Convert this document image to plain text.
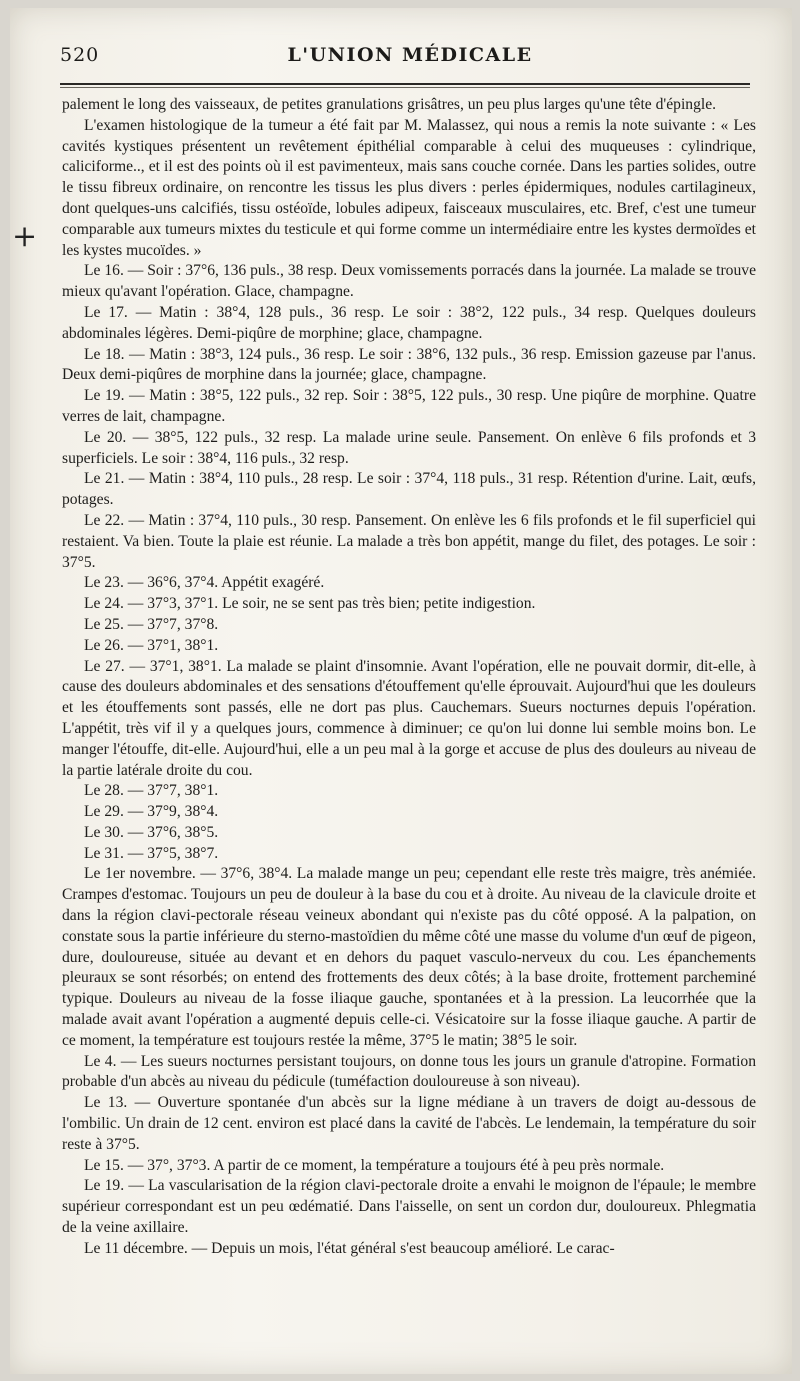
520	L'UNION MÉDICALE
+

palement le long des vaisseaux, de petites granulations grisâtres, un peu plus larges qu'une tête d'épingle.

L'examen histologique de la tumeur a été fait par M. Malassez, qui nous a remis la note suivante : « Les cavités kystiques présentent un revêtement épithélial comparable à celui des muqueuses : cylindrique, caliciforme.., et il est des points où il est pavimenteux, mais sans couche cornée. Dans les parties solides, outre le tissu fibreux ordinaire, on rencontre les tissus les plus divers : perles épidermiques, nodules cartilagineux, dont quelques-uns calcifiés, tissu ostéoïde, lobules adipeux, faisceaux musculaires, etc. Bref, c'est une tumeur comparable aux tumeurs mixtes du testicule et qui forme comme un intermédiaire entre les kystes dermoïdes et les kystes mucoïdes. »

Le 16. — Soir : 37°6, 136 puls., 38 resp. Deux vomissements porracés dans la journée. La malade se trouve mieux qu'avant l'opération. Glace, champagne.

Le 17. — Matin : 38°4, 128 puls., 36 resp. Le soir : 38°2, 122 puls., 34 resp. Quelques douleurs abdominales légères. Demi-piqûre de morphine; glace, champagne.

Le 18. — Matin : 38°3, 124 puls., 36 resp. Le soir : 38°6, 132 puls., 36 resp. Emission gazeuse par l'anus. Deux demi-piqûres de morphine dans la journée; glace, champagne.

Le 19. — Matin : 38°5, 122 puls., 32 rep. Soir : 38°5, 122 puls., 30 resp. Une piqûre de morphine. Quatre verres de lait, champagne.

Le 20. — 38°5, 122 puls., 32 resp. La malade urine seule. Pansement. On enlève 6 fils profonds et 3 superficiels. Le soir : 38°4, 116 puls., 32 resp.

Le 21. — Matin : 38°4, 110 puls., 28 resp. Le soir : 37°4, 118 puls., 31 resp. Rétention d'urine. Lait, œufs, potages.

Le 22. — Matin : 37°4, 110 puls., 30 resp. Pansement. On enlève les 6 fils profonds et le fil superficiel qui restaient. Va bien. Toute la plaie est réunie. La malade a très bon appétit, mange du filet, des potages. Le soir : 37°5.

Le 23. — 36°6, 37°4. Appétit exagéré.

Le 24. — 37°3, 37°1. Le soir, ne se sent pas très bien; petite indigestion.

Le 25. — 37°7, 37°8.

Le 26. — 37°1, 38°1.

Le 27. — 37°1, 38°1. La malade se plaint d'insomnie. Avant l'opération, elle ne pouvait dormir, dit-elle, à cause des douleurs abdominales et des sensations d'étouffement qu'elle éprouvait. Aujourd'hui que les douleurs et les étouffements sont passés, elle ne dort pas plus. Cauchemars. Sueurs nocturnes depuis l'opération. L'appétit, très vif il y a quelques jours, commence à diminuer; ce qu'on lui donne lui semble moins bon. Le manger l'étouffe, dit-elle. Aujourd'hui, elle a un peu mal à la gorge et accuse de plus des douleurs au niveau de la partie latérale droite du cou.

Le 28. — 37°7, 38°1.

Le 29. — 37°9, 38°4.

Le 30. — 37°6, 38°5.

Le 31. — 37°5, 38°7.

Le 1er novembre. — 37°6, 38°4. La malade mange un peu; cependant elle reste très maigre, très anémiée. Crampes d'estomac. Toujours un peu de douleur à la base du cou et à droite. Au niveau de la clavicule droite et dans la région clavi-pectorale réseau veineux abondant qui n'existe pas du côté opposé. A la palpation, on constate sous la partie inférieure du sterno-mastoïdien du même côté une masse du volume d'un œuf de pigeon, dure, douloureuse, située au devant et en dehors du paquet vasculo-nerveux du cou. Les épanchements pleuraux se sont résorbés; on entend des frottements des deux côtés; à la base droite, frottement parcheminé typique. Douleurs au niveau de la fosse iliaque gauche, spontanées et à la pression. La leucorrhée que la malade avait avant l'opération a augmenté depuis celle-ci. Vésicatoire sur la fosse iliaque gauche. A partir de ce moment, la température est toujours restée la même, 37°5 le matin; 38°5 le soir.

Le 4. — Les sueurs nocturnes persistant toujours, on donne tous les jours un granule d'atropine. Formation probable d'un abcès au niveau du pédicule (tuméfaction douloureuse à son niveau).

Le 13. — Ouverture spontanée d'un abcès sur la ligne médiane à un travers de doigt au-dessous de l'ombilic. Un drain de 12 cent. environ est placé dans la cavité de l'abcès. Le lendemain, la température du soir reste à 37°5.

Le 15. — 37°, 37°3. A partir de ce moment, la température a toujours été à peu près normale.

Le 19. — La vascularisation de la région clavi-pectorale droite a envahi le moignon de l'épaule; le membre supérieur correspondant est un peu œdématié. Dans l'aisselle, on sent un cordon dur, douloureux. Phlegmatia de la veine axillaire.

Le 11 décembre. — Depuis un mois, l'état général s'est beaucoup amélioré. Le carac-
